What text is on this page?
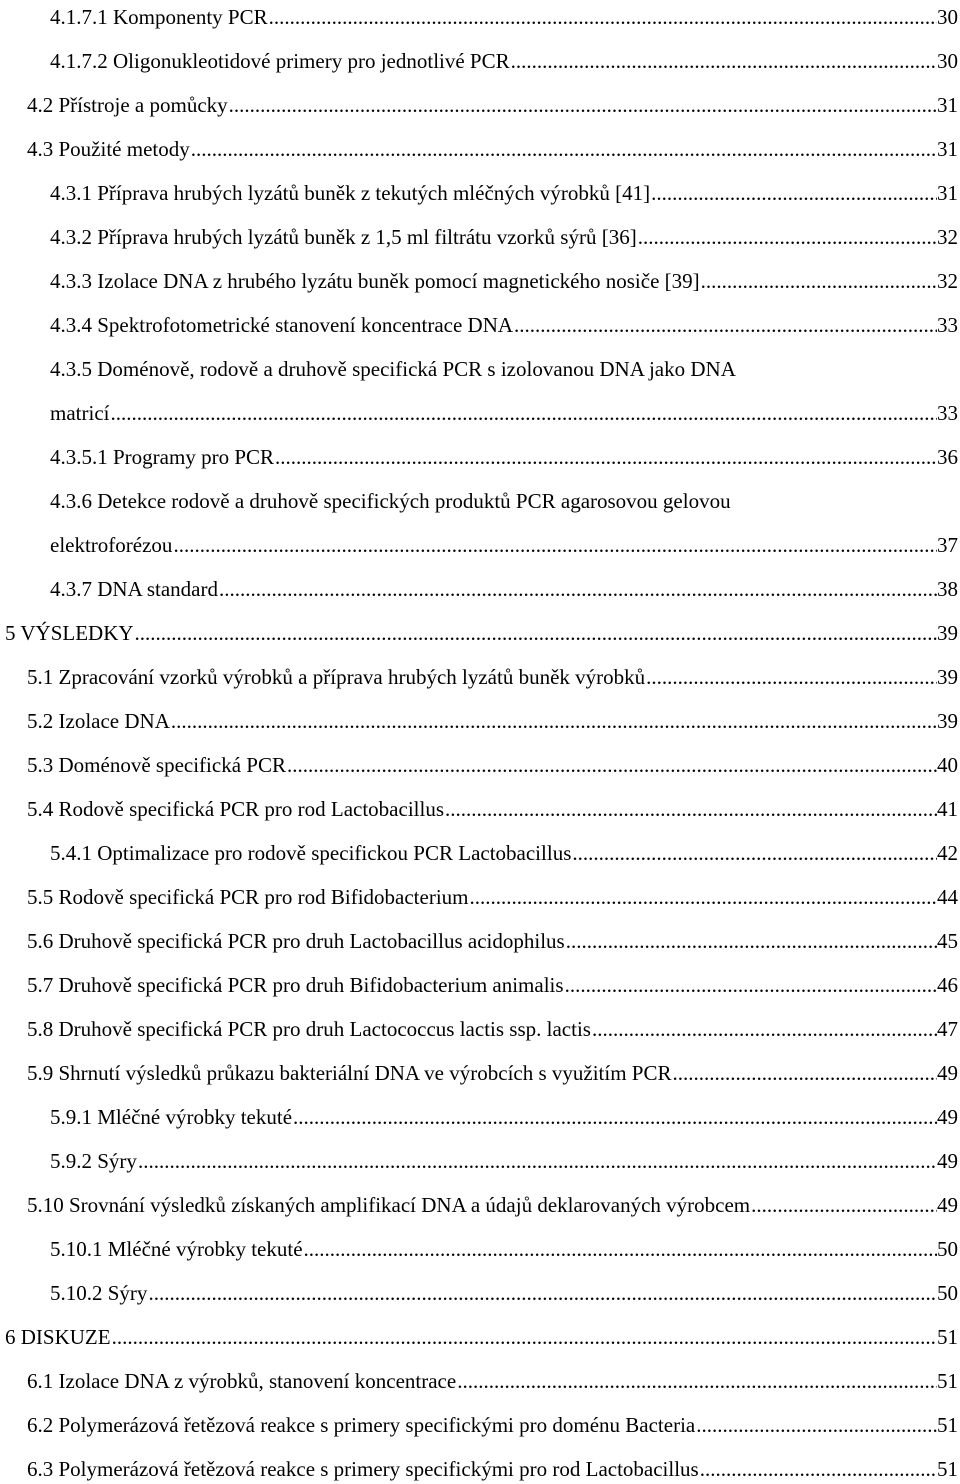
4.1.7.1 Komponenty PCR .....	30
4.1.7.2 Oligonukleotidové primery pro jednotlivé PCR .....	30
4.2 Přístroje a pomůcky .....	31
4.3 Použité metody .....	31
4.3.1 Příprava hrubých lyzátů buněk z tekutých mléčných výrobků [41] .....	31
4.3.2 Příprava hrubých lyzátů buněk z 1,5 ml filtrátu vzorků sýrů [36] .....	32
4.3.3 Izolace DNA z hrubého lyzátu buněk pomocí magnetického nosiče [39] .....	32
4.3.4 Spektrofotometrické stanovení koncentrace DNA .....	33
4.3.5 Doménově, rodově a druhově specifická PCR s izolovanou DNA jako DNA
matricí .....	33
4.3.5.1 Programy pro PCR .....	36
4.3.6 Detekce rodově a druhově specifických produktů PCR agarosovou gelovou
elektroforézou .....	37
4.3.7 DNA standard .....	38
5 VÝSLEDKY .....	39
5.1 Zpracování vzorků výrobků a příprava hrubých lyzátů buněk výrobků .....	39
5.2 Izolace DNA .....	39
5.3 Doménově specifická PCR .....	40
5.4 Rodově specifická PCR pro rod Lactobacillus .....	41
5.4.1 Optimalizace pro rodově specifickou PCR Lactobacillus .....	42
5.5 Rodově specifická PCR pro rod Bifidobacterium .....	44
5.6 Druhově specifická PCR pro druh Lactobacillus acidophilus .....	45
5.7 Druhově specifická PCR pro druh Bifidobacterium animalis .....	46
5.8 Druhově specifická PCR pro druh Lactococcus lactis ssp. lactis .....	47
5.9 Shrnutí výsledků průkazu bakteriální DNA ve výrobcích s využitím PCR .....	49
5.9.1 Mléčné výrobky tekuté .....	49
5.9.2 Sýry .....	49
5.10 Srovnání výsledků získaných amplifikací DNA a údajů deklarovaných výrobcem .....	49
5.10.1 Mléčné výrobky tekuté .....	50
5.10.2 Sýry .....	50
6 DISKUZE .....	51
6.1 Izolace DNA z výrobků, stanovení koncentrace .....	51
6.2 Polymerázová řetězová reakce s primery specifickými pro doménu Bacteria .....	51
6.3 Polymerázová řetězová reakce s primery specifickými pro rod Lactobacillus .....	51
